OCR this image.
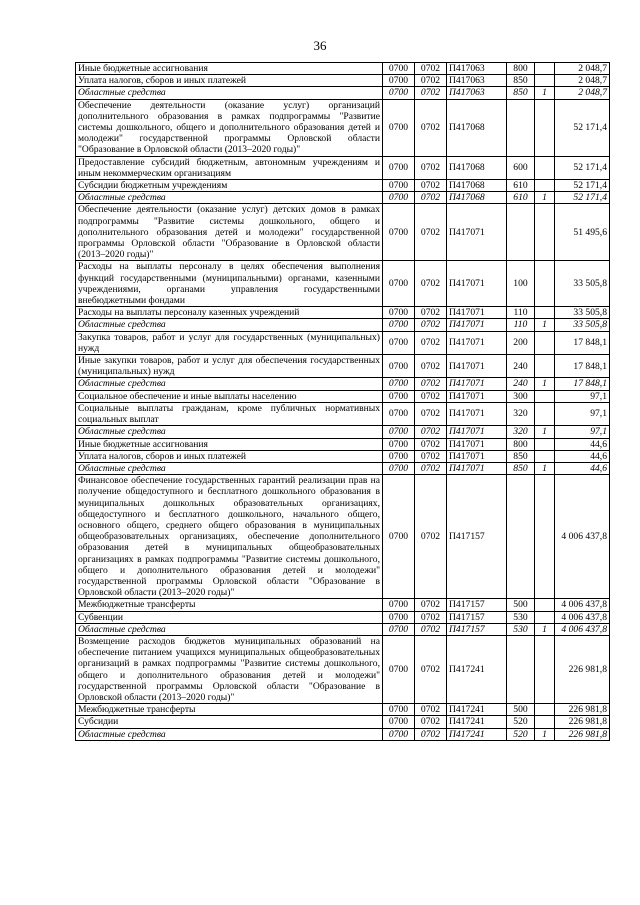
36
Иные бюджетные ассигнования	0700	0702	П417063	800		2 048,7
Уплата налогов, сборов и иных платежей	0700	0702	П417063	850		2 048,7
Областные средства	0700	0702	П417063	850	1	2 048,7
Обеспечение деятельности (оказание услуг) организаций дополнительного образования в рамках подпрограммы "Развитие системы дошкольного, общего и дополнительного образования детей и молодежи" государственной программы Орловской области "Образование в Орловской области (2013–2020 годы)"	0700	0702	П417068			52 171,4
Предоставление субсидий бюджетным, автономным учреждениям и иным некоммерческим организациям	0700	0702	П417068	600		52 171,4
Субсидии бюджетным учреждениям	0700	0702	П417068	610		52 171,4
Областные средства	0700	0702	П417068	610	1	52 171,4
Обеспечение деятельности (оказание услуг) детских домов в рамках подпрограммы "Развитие системы дошкольного, общего и дополнительного образования детей и молодежи" государственной программы Орловской области "Образование в Орловской области (2013–2020 годы)"	0700	0702	П417071			51 495,6
Расходы на выплаты персоналу в целях обеспечения выполнения функций государственными (муниципальными) органами, казенными учреждениями, органами управления государственными внебюджетными фондами	0700	0702	П417071	100		33 505,8
Расходы на выплаты персоналу казенных учреждений	0700	0702	П417071	110		33 505,8
Областные средства	0700	0702	П417071	110	1	33 505,8
Закупка товаров, работ и услуг для государственных (муниципальных) нужд	0700	0702	П417071	200		17 848,1
Иные закупки товаров, работ и услуг для обеспечения государственных (муниципальных) нужд	0700	0702	П417071	240		17 848,1
Областные средства	0700	0702	П417071	240	1	17 848,1
Социальное обеспечение и иные выплаты населению	0700	0702	П417071	300		97,1
Социальные выплаты гражданам, кроме публичных нормативных социальных выплат	0700	0702	П417071	320		97,1
Областные средства	0700	0702	П417071	320	1	97,1
Иные бюджетные ассигнования	0700	0702	П417071	800		44,6
Уплата налогов, сборов и иных платежей	0700	0702	П417071	850		44,6
Областные средства	0700	0702	П417071	850	1	44,6
Финансовое обеспечение государственных гарантий реализации прав на получение общедоступного и бесплатного дошкольного образования в муниципальных дошкольных образовательных организациях, общедоступного и бесплатного дошкольного, начального общего, основного общего, среднего общего образования в муниципальных общеобразовательных организациях, обеспечение дополнительного образования детей в муниципальных общеобразовательных организациях в рамках подпрограммы "Развитие системы дошкольного, общего и дополнительного образования детей и молодежи" государственной программы Орловской области "Образование в Орловской области (2013–2020 годы)"	0700	0702	П417157			4 006 437,8
Межбюджетные трансферты	0700	0702	П417157	500		4 006 437,8
Субвенции	0700	0702	П417157	530		4 006 437,8
Областные средства	0700	0702	П417157	530	1	4 006 437,8
Возмещение расходов бюджетов муниципальных образований на обеспечение питанием учащихся муниципальных общеобразовательных организаций в рамках подпрограммы "Развитие системы дошкольного, общего и дополнительного образования детей и молодежи" государственной программы Орловской области "Образование в Орловской области (2013–2020 годы)"	0700	0702	П417241			226 981,8
Межбюджетные трансферты	0700	0702	П417241	500		226 981,8
Субсидии	0700	0702	П417241	520		226 981,8
Областные средства	0700	0702	П417241	520	1	226 981,8
